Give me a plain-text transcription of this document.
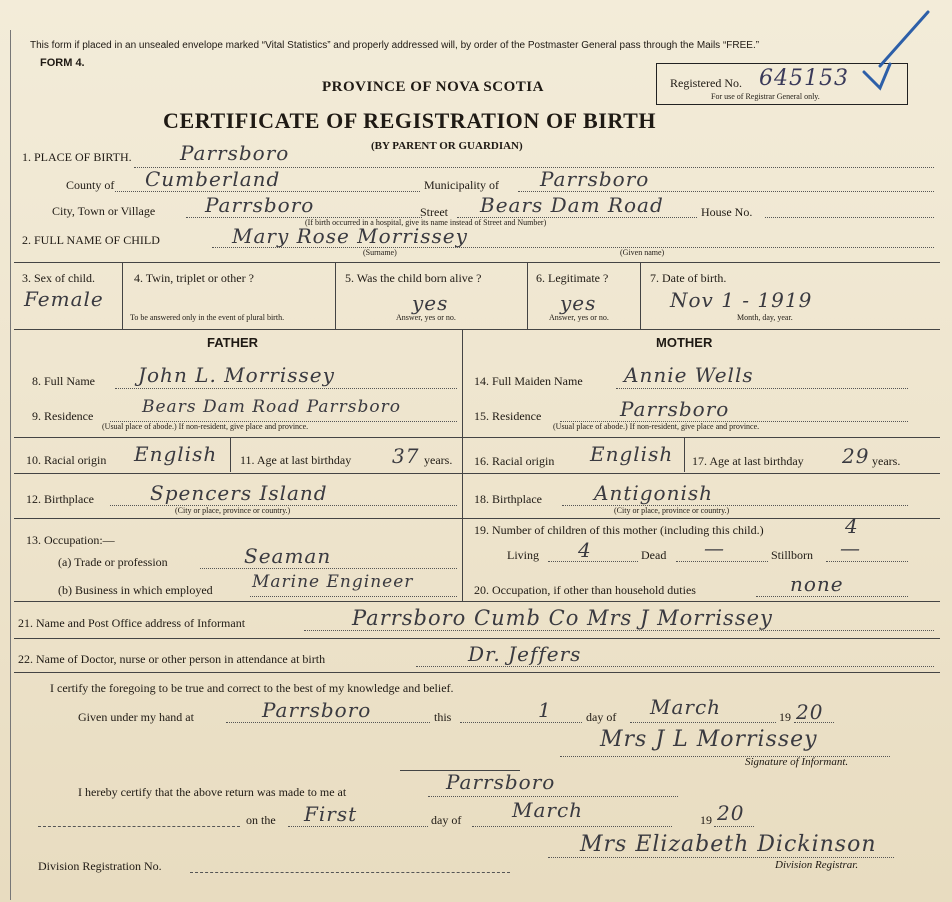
This form if placed in an unsealed envelope marked “Vital Statistics” and properly addressed will, by order of the Postmaster General pass through the Mails “FREE.”
FORM 4.
PROVINCE OF NOVA SCOTIA
CERTIFICATE OF REGISTRATION OF BIRTH
(BY PARENT OR GUARDIAN)
Registered No. 645153
For use of Registrar General only.
1. PLACE OF BIRTH. Parrsboro
County of Cumberland	Municipality of Parrsboro
City, Town or Village Parrsboro	Street Bears Dam Road	House No.
(If birth occurred in a hospital, give its name instead of Street and Number)
2. FULL NAME OF CHILD	Mary Rose Morrissey
(Surname)	(Given name)
3. Sex of child.
Female
4. Twin, triplet or other ?
To be answered only in the event of plural birth.
5. Was the child born alive ?
yes
Answer, yes or no.
6. Legitimate ?
yes
Answer, yes or no.
7. Date of birth.
Nov 1 - 1919
Month, day, year.
FATHER	MOTHER
8. Full Name John L. Morrissey
9. Residence	Bears Dam Road Parrsboro
(Usual place of abode.) If non-resident, give place and province.
10. Racial origin English 11. Age at last birthday 37 years.
12. Birthplace	Spencers Island
(City or place, province or country.)
13. Occupation:—
(a) Trade or profession	Seaman
(b) Business in which employed Marine Engineer
14. Full Maiden Name Annie Wells
15. Residence	Parrsboro
(Usual place of abode.) If non-resident, give place and province.
16. Racial origin English 17. Age at last birthday 29 years.
18. Birthplace	Antigonish
(City or place, province or country.)
19. Number of children of this mother (including this child.)	4
Living 4	Dead —	Stillborn —
20. Occupation, if other than household duties	none
21. Name and Post Office address of Informant	Parrsboro Cumb Co Mrs J Morrissey
22. Name of Doctor, nurse or other person in attendance at birth	Dr. Jeffers
I certify the foregoing to be true and correct to the best of my knowledge and belief.
Given under my hand at	Parrsboro	this	1	day of March	19 20
Mrs J L Morrissey
Signature of Informant.
I hereby certify that the above return was made to me at	Parrsboro
on the First	day of	March	19 20
Mrs Elizabeth Dickinson
Division Registration No.	Division Registrar.
